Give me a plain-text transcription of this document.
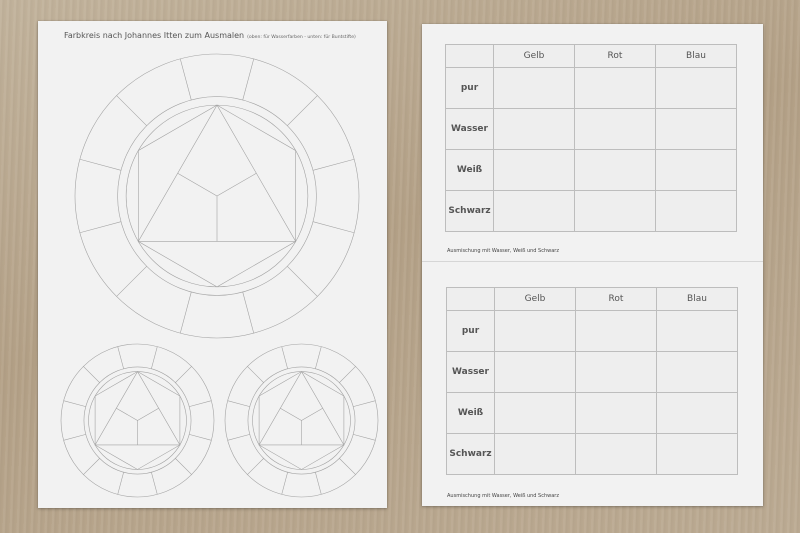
Farbkreis nach Johannes Itten zum Ausmalen (oben: für Wasserfarben - unten: für Buntstifte)
	Gelb	Rot	Blau
pur			
Wasser			
Weiß			
Schwarz			
Ausmischung mit Wasser, Weiß und Schwarz
	Gelb	Rot	Blau
pur			
Wasser			
Weiß			
Schwarz			
Ausmischung mit Wasser, Weiß und Schwarz
